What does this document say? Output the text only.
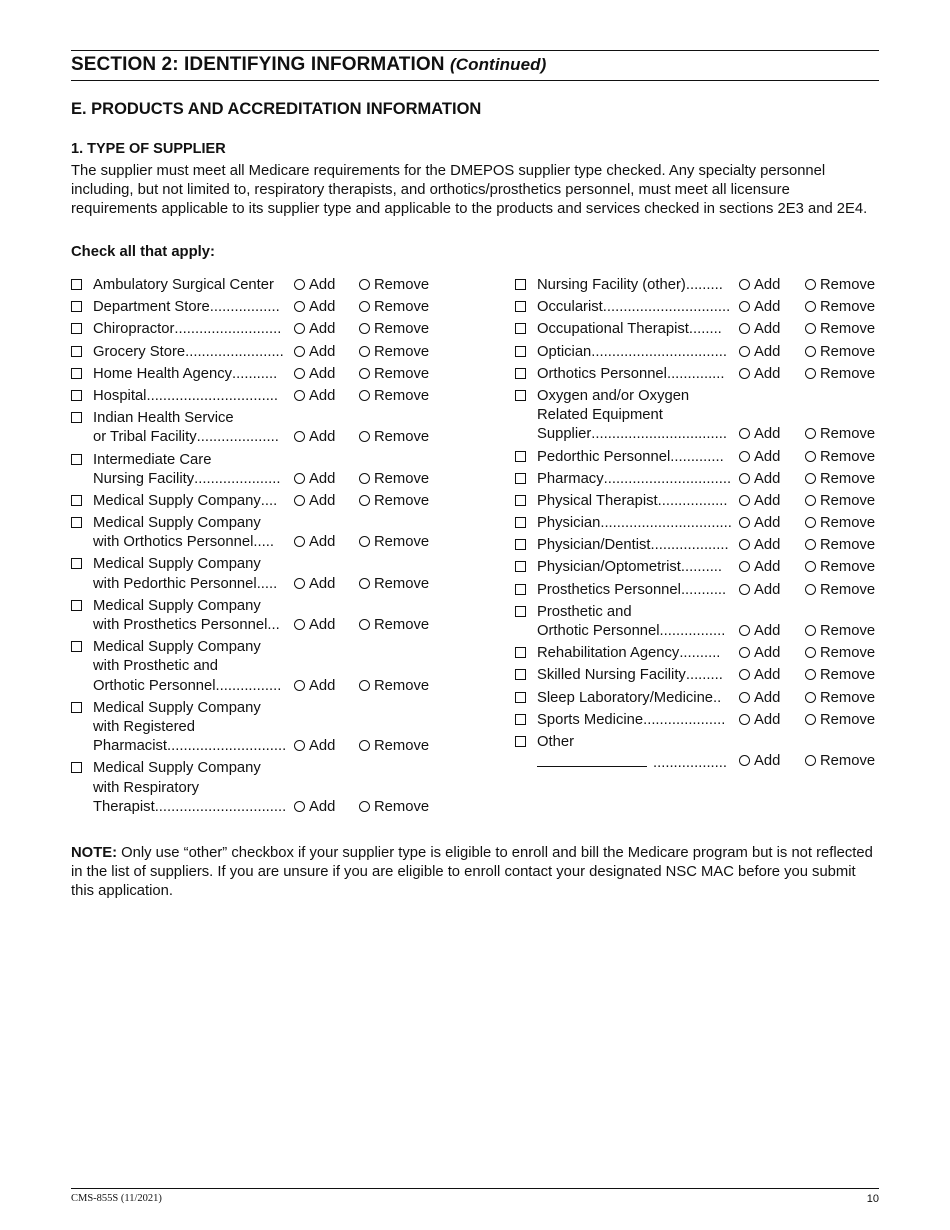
SECTION 2: IDENTIFYING INFORMATION (Continued)
E. PRODUCTS AND ACCREDITATION INFORMATION
1. TYPE OF SUPPLIER
The supplier must meet all Medicare requirements for the DMEPOS supplier type checked. Any specialty personnel including, but not limited to, respiratory therapists, and orthotics/prosthetics personnel, must meet all licensure requirements applicable to its supplier type and applicable to the products and services checked in sections 2E3 and 2E4.
Check all that apply:
Ambulatory Surgical Center	Add	Remove
Department Store .................	Add	Remove
Chiropractor ..........................	Add	Remove
Grocery Store ........................	Add	Remove
Home Health Agency ...........	Add	Remove
Hospital ................................	Add	Remove
Indian Health Service
or Tribal Facility ....................	Add	Remove
Intermediate Care
Nursing Facility .....................	Add	Remove
Medical Supply Company ....	Add	Remove
Medical Supply Company
with Orthotics Personnel .....	Add	Remove
Medical Supply Company
with Pedorthic Personnel .....	Add	Remove
Medical Supply Company
with Prosthetics Personnel ...	Add	Remove
Medical Supply Company
with Prosthetic and
Orthotic Personnel ................	Add	Remove
Medical Supply Company
with Registered
Pharmacist .............................	Add	Remove
Medical Supply Company
with Respiratory
Therapist ................................	Add	Remove
Nursing Facility (other) .........	Add	Remove
Occularist ...............................	Add	Remove
Occupational Therapist ........	Add	Remove
Optician .................................	Add	Remove
Orthotics Personnel ..............	Add	Remove
Oxygen and/or Oxygen
Related Equipment
Supplier .................................	Add	Remove
Pedorthic Personnel .............	Add	Remove
Pharmacy ...............................	Add	Remove
Physical Therapist .................	Add	Remove
Physician ................................	Add	Remove
Physician/Dentist ...................	Add	Remove
Physician/Optometrist ..........	Add	Remove
Prosthetics Personnel ...........	Add	Remove
Prosthetic and
Orthotic Personnel ................	Add	Remove
Rehabilitation Agency ..........	Add	Remove
Skilled Nursing Facility .........	Add	Remove
Sleep Laboratory/Medicine ..	Add	Remove
Sports Medicine ....................	Add	Remove
Other
..................	Add	Remove
NOTE: Only use “other” checkbox if your supplier type is eligible to enroll and bill the Medicare program but is not reflected in the list of suppliers. If you are unsure if you are eligible to enroll contact your designated NSC MAC before you submit this application.
CMS-855S (11/2021)	10
